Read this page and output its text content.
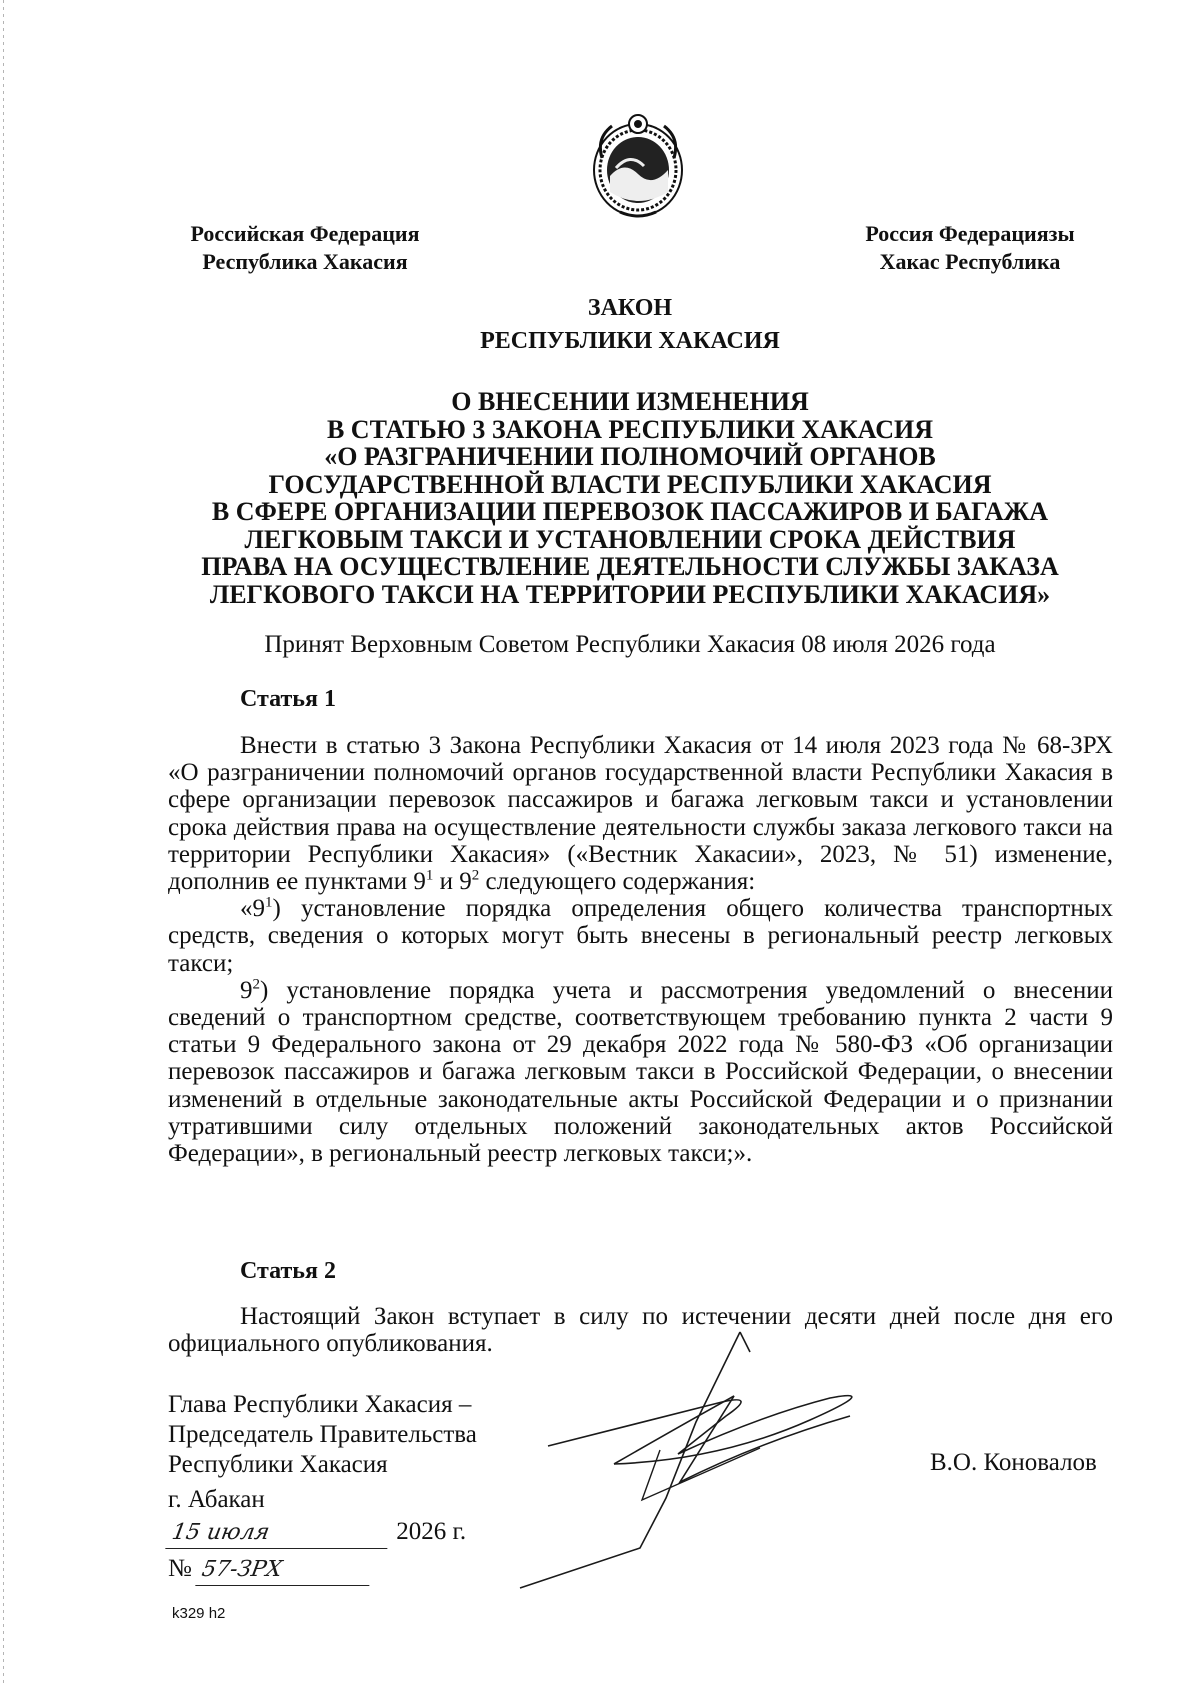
Российская Федерация
Республика Хакасия
Россия Федерациязы
Хакас Республика
ЗАКОН
РЕСПУБЛИКИ ХАКАСИЯ
О ВНЕСЕНИИ ИЗМЕНЕНИЯ
В СТАТЬЮ 3 ЗАКОНА РЕСПУБЛИКИ ХАКАСИЯ
«О РАЗГРАНИЧЕНИИ ПОЛНОМОЧИЙ ОРГАНОВ
ГОСУДАРСТВЕННОЙ ВЛАСТИ РЕСПУБЛИКИ ХАКАСИЯ
В СФЕРЕ ОРГАНИЗАЦИИ ПЕРЕВОЗОК ПАССАЖИРОВ И БАГАЖА
ЛЕГКОВЫМ ТАКСИ И УСТАНОВЛЕНИИ СРОКА ДЕЙСТВИЯ
ПРАВА НА ОСУЩЕСТВЛЕНИЕ ДЕЯТЕЛЬНОСТИ СЛУЖБЫ ЗАКАЗА
ЛЕГКОВОГО ТАКСИ НА ТЕРРИТОРИИ РЕСПУБЛИКИ ХАКАСИЯ»
Принят Верховным Советом Республики Хакасия 08 июля 2026 года
Статья 1

Внести в статью 3 Закона Республики Хакасия от 14 июля 2023 года № 68-ЗРХ «О разграничении полномочий органов государственной власти Республики Хакасия в сфере организации перевозок пассажиров и багажа легковым такси и установлении срока действия права на осуществление деятельности службы заказа легкового такси на территории Республики Хакасия» («Вестник Хакасии», 2023, № 51) изменение, дополнив ее пунктами $9^1$ и $9^2$ следующего содержания:

«$9^1$) установление порядка определения общего количества транспортных средств, сведения о которых могут быть внесены в региональный реестр легковых такси;

$9^2$) установление порядка учета и рассмотрения уведомлений о внесении сведений о транспортном средстве, соответствующем требованию пункта 2 части 9 статьи 9 Федерального закона от 29 декабря 2022 года № 580-ФЗ «Об организации перевозок пассажиров и багажа легковым такси в Российской Федерации, о внесении изменений в отдельные законодательные акты Российской Федерации и о признании утратившими силу отдельных положений законодательных актов Российской Федерации», в региональный реестр легковых такси;».

Статья 2

Настоящий Закон вступает в силу по истечении десяти дней после дня его официального опубликования.

Глава Республики Хакасия –
Председатель Правительства
Республики Хакасия	В.О. Коновалов
г. Абакан
15 июля	2026 г.
№ 57-ЗРХ
k329 h2
